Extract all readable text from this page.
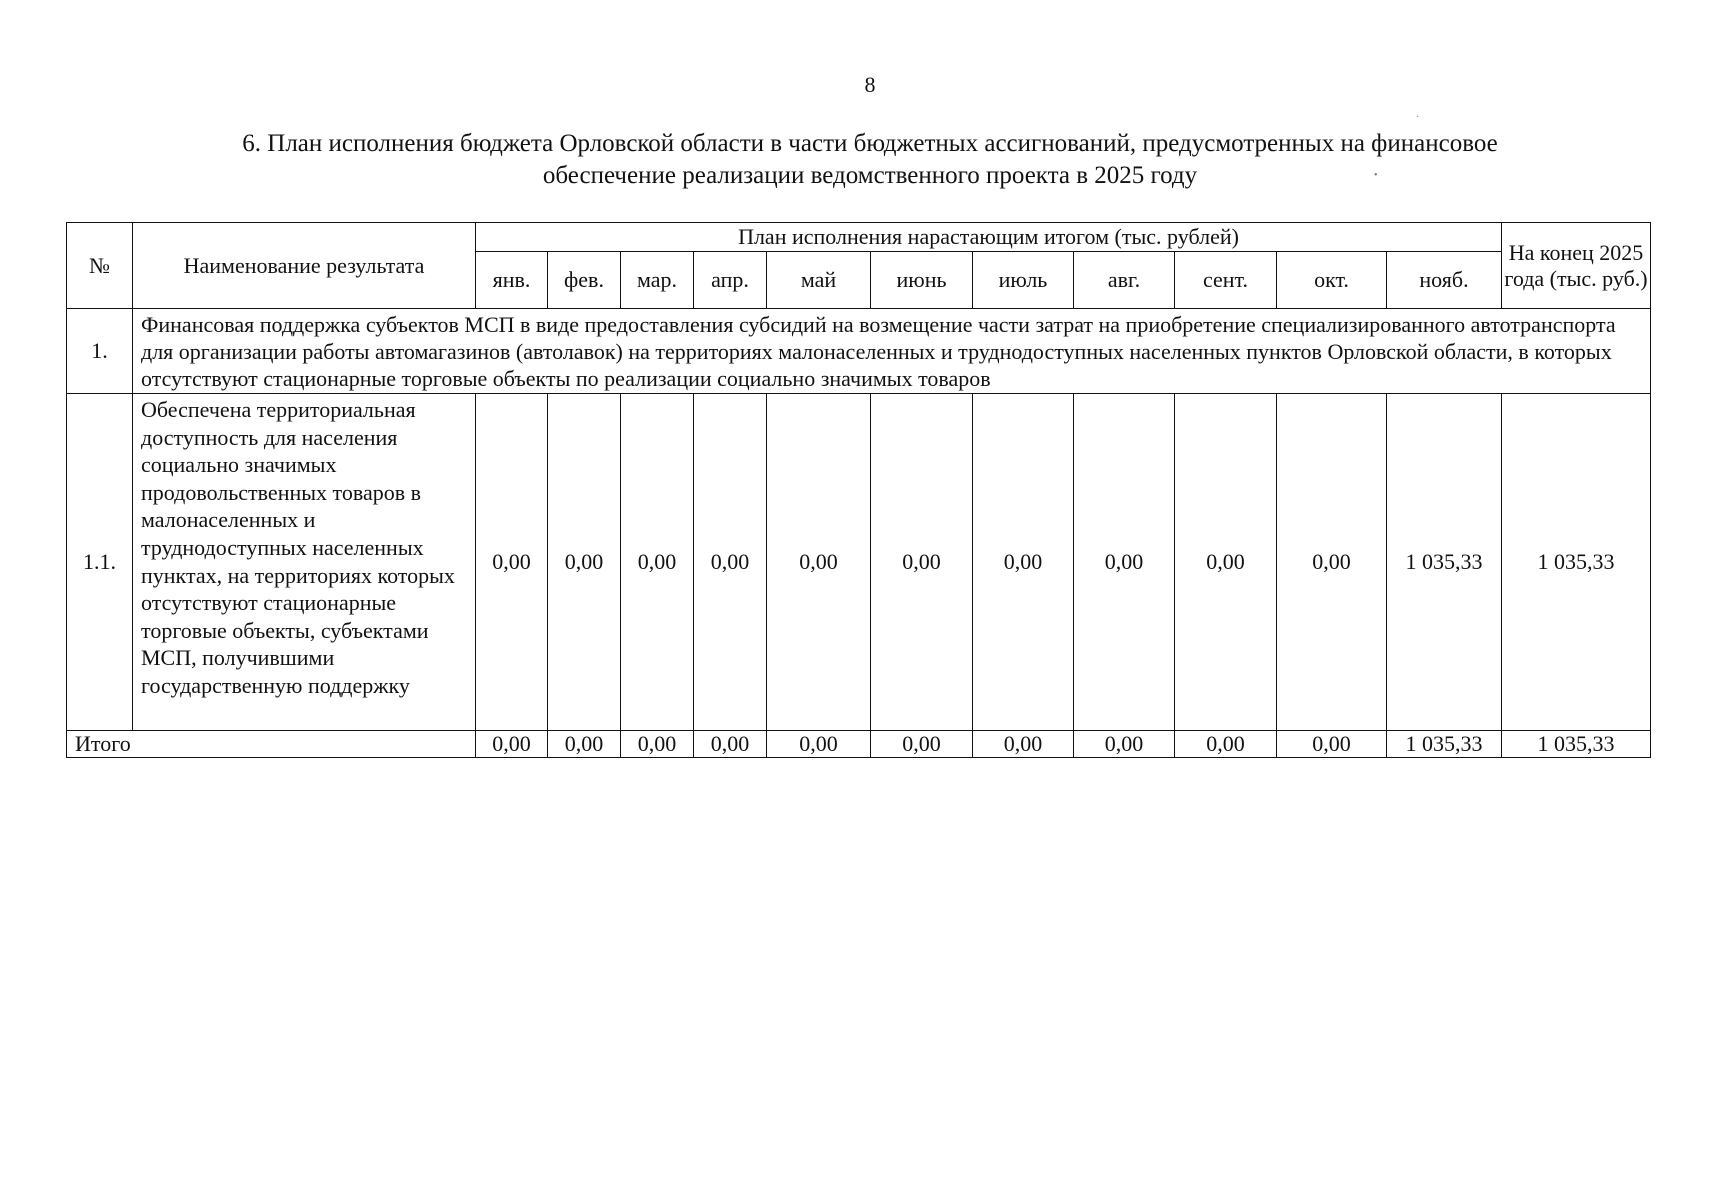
8
6. План исполнения бюджета Орловской области в части бюджетных ассигнований, предусмотренных на финансовое
обеспечение реализации ведомственного проекта в 2025 году
№	Наименование результата	План исполнения нарастающим итогом (тыс. рублей)											На конец 2025 года (тыс. руб.)
		янв.	фев.	мар.	апр.	май	июнь	июль	авг.	сент.	окт.	нояб.	
1.	Финансовая поддержка субъектов МСП в виде предоставления субсидий на возмещение части затрат на приобретение специализированного автотранспорта для организации работы автомагазинов (автолавок) на территориях малонаселенных и труднодоступных населенных пунктов Орловской области, в которых отсутствуют стационарные торговые объекты по реализации социально значимых товаров												
1.1.	Обеспечена территориальная доступность для населения социально значимых продовольственных товаров в малонаселенных и труднодоступных населенных пунктах, на территориях которых отсутствуют стационарные торговые объекты, субъектами МСП, получившими государственную поддержку	0,00	0,00	0,00	0,00	0,00	0,00	0,00	0,00	0,00	0,00	1 035,33	1 035,33
Итого		0,00	0,00	0,00	0,00	0,00	0,00	0,00	0,00	0,00	0,00	1 035,33	1 035,33
•
·
